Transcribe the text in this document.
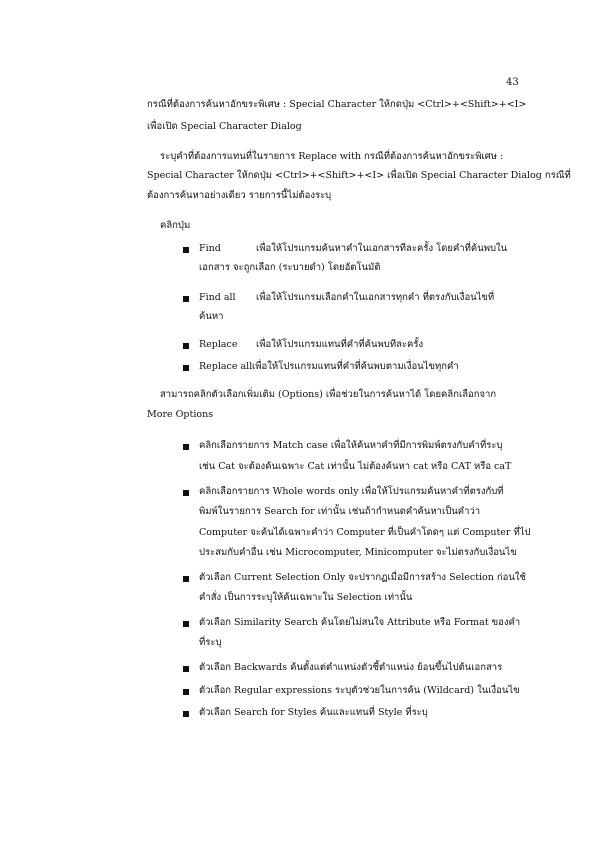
43
กรณีที่ต้องการค้นหาอักขระพิเศษ : Special Character ให้กดปุ่ม <Ctrl>+<Shift>+<I>
เพื่อเปิด Special Character Dialog
ระบุคำที่ต้องการแทนที่ในรายการ Replace with กรณีที่ต้องการค้นหาอักขระพิเศษ :
Special Character ให้กดปุ่ม <Ctrl>+<Shift>+<I> เพื่อเปิด Special Character Dialog กรณีที่
ต้องการค้นหาอย่างเดียว รายการนี้ไม่ต้องระบุ
คลิกปุ่ม
Find	เพื่อให้โปรแกรมค้นหาคำในเอกสารทีละครั้ง โดยคำที่ค้นพบใน
เอกสาร จะถูกเลือก (ระบายดำ) โดยอัตโนมัติ
Find all เพื่อให้โปรแกรมเลือกคำในเอกสารทุกคำ ที่ตรงกับเงื่อนไขที่
ค้นหา
Replace เพื่อให้โปรแกรมแทนที่คำที่ค้นพบทีละครั้ง
Replace all เพื่อให้โปรแกรมแทนที่คำที่ค้นพบตามเงื่อนไขทุกคำ
สามารถคลิกตัวเลือกเพิ่มเติม (Options) เพื่อช่วยในการค้นหาได้ โดยคลิกเลือกจาก
More Options
คลิกเลือกรายการ Match case เพื่อให้ค้นหาคำที่มีการพิมพ์ตรงกับคำที่ระบุ
เช่น Cat จะต้องค้นเฉพาะ Cat เท่านั้น ไม่ต้องค้นหา cat หรือ CAT หรือ caT
คลิกเลือกรายการ Whole words only เพื่อให้โปรแกรมค้นหาคำที่ตรงกับที่
พิมพ์ในรายการ Search for เท่านั้น เช่นถ้ากำหนดคำค้นหาเป็นคำว่า
Computer จะค้นได้เฉพาะคำว่า Computer ที่เป็นคำโดดๆ แต่ Computer ที่ไป
ประสมกับคำอื่น เช่น Microcomputer, Minicomputer จะไม่ตรงกับเงื่อนไข
ตัวเลือก Current Selection Only จะปรากฏเมื่อมีการสร้าง Selection ก่อนใช้
คำสั่ง เป็นการระบุให้ค้นเฉพาะใน Selection เท่านั้น
ตัวเลือก Similarity Search ค้นโดยไม่สนใจ Attribute หรือ Format ของคำ
ที่ระบุ
ตัวเลือก Backwards ค้นตั้งแต่ตำแหน่งตัวชี้ตำแหน่ง ย้อนขึ้นไปต้นเอกสาร
ตัวเลือก Regular expressions ระบุตัวช่วยในการค้น (Wildcard) ในเงื่อนไข
ตัวเลือก Search for Styles ค้นและแทนที่ Style ที่ระบุ
